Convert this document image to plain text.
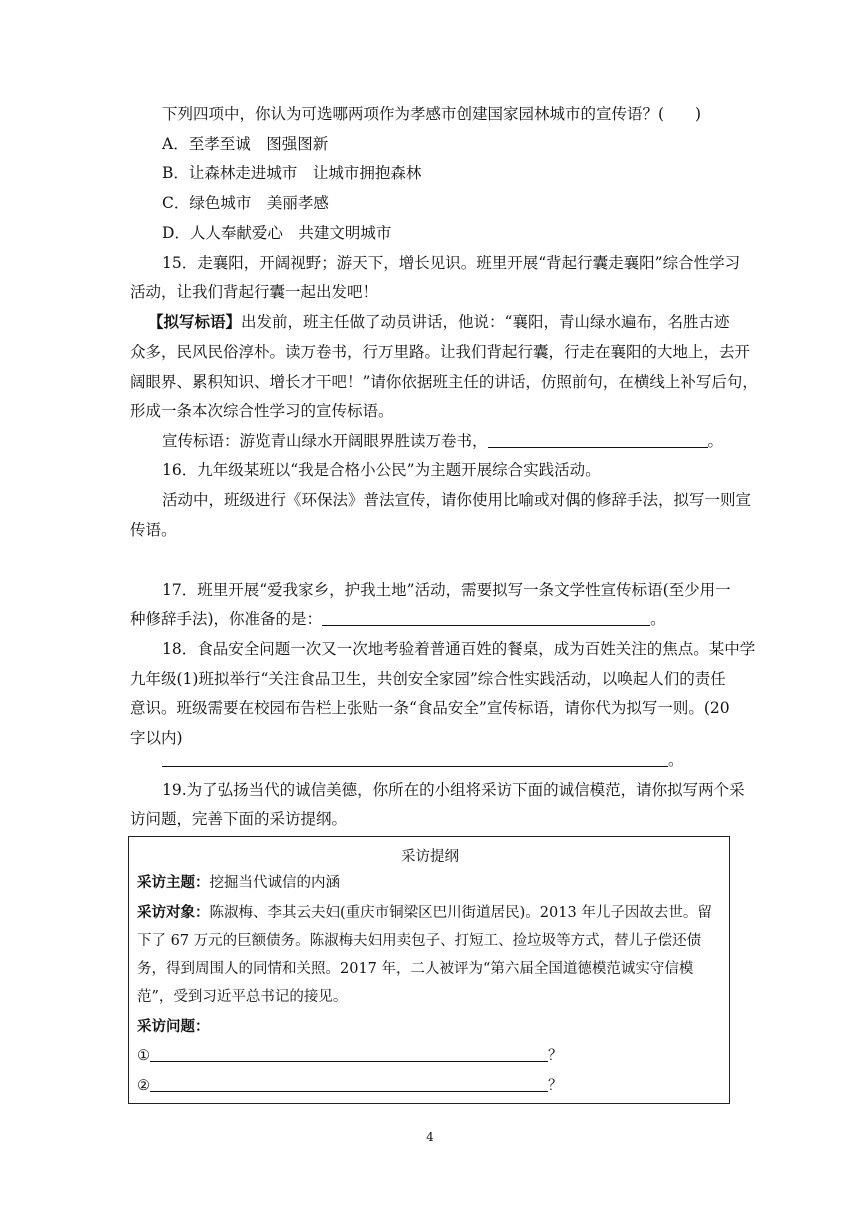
下列四项中，你认为可选哪两项作为孝感市创建国家园林城市的宣传语？(　　)
A．至孝至诚　图强图新
B．让森林走进城市　让城市拥抱森林
C．绿色城市　美丽孝感
D．人人奉献爱心　共建文明城市
15．走襄阳，开阔视野；游天下，增长见识。班里开展“背起行囊走襄阳”综合性学习
活动，让我们背起行囊一起出发吧！
【拟写标语】出发前，班主任做了动员讲话，他说：“襄阳，青山绿水遍布，名胜古迹
众多，民风民俗淳朴。读万卷书，行万里路。让我们背起行囊，行走在襄阳的大地上，去开
阔眼界、累积知识、增长才干吧！”请你依据班主任的讲话，仿照前句，在横线上补写后句，
形成一条本次综合性学习的宣传标语。
宣传标语：游览青山绿水开阔眼界胜读万卷书，	。
16．九年级某班以“我是合格小公民”为主题开展综合实践活动。
活动中，班级进行《环保法》普法宣传，请你使用比喻或对偶的修辞手法，拟写一则宣
传语。
17．班里开展“爱我家乡，护我土地”活动，需要拟写一条文学性宣传标语(至少用一
种修辞手法)，你准备的是：	。
18．食品安全问题一次又一次地考验着普通百姓的餐桌，成为百姓关注的焦点。某中学
九年级(1)班拟举行“关注食品卫生，共创安全家园”综合性实践活动，以唤起人们的责任
意识。班级需要在校园布告栏上张贴一条“食品安全”宣传标语，请你代为拟写一则。(20
字以内)
。
19.为了弘扬当代的诚信美德，你所在的小组将采访下面的诚信模范，请你拟写两个采
访问题，完善下面的采访提纲。
采访提纲
采访主题：挖掘当代诚信的内涵
采访对象：陈淑梅、李其云夫妇(重庆市铜梁区巴川街道居民)。2013 年儿子因故去世。留
下了 67 万元的巨额债务。陈淑梅夫妇用卖包子、打短工、捡垃圾等方式，替儿子偿还债
务，得到周围人的同情和关照。2017 年，二人被评为“第六届全国道德模范诚实守信模
范”，受到习近平总书记的接见。
采访问题：
①	？
②	？
4
